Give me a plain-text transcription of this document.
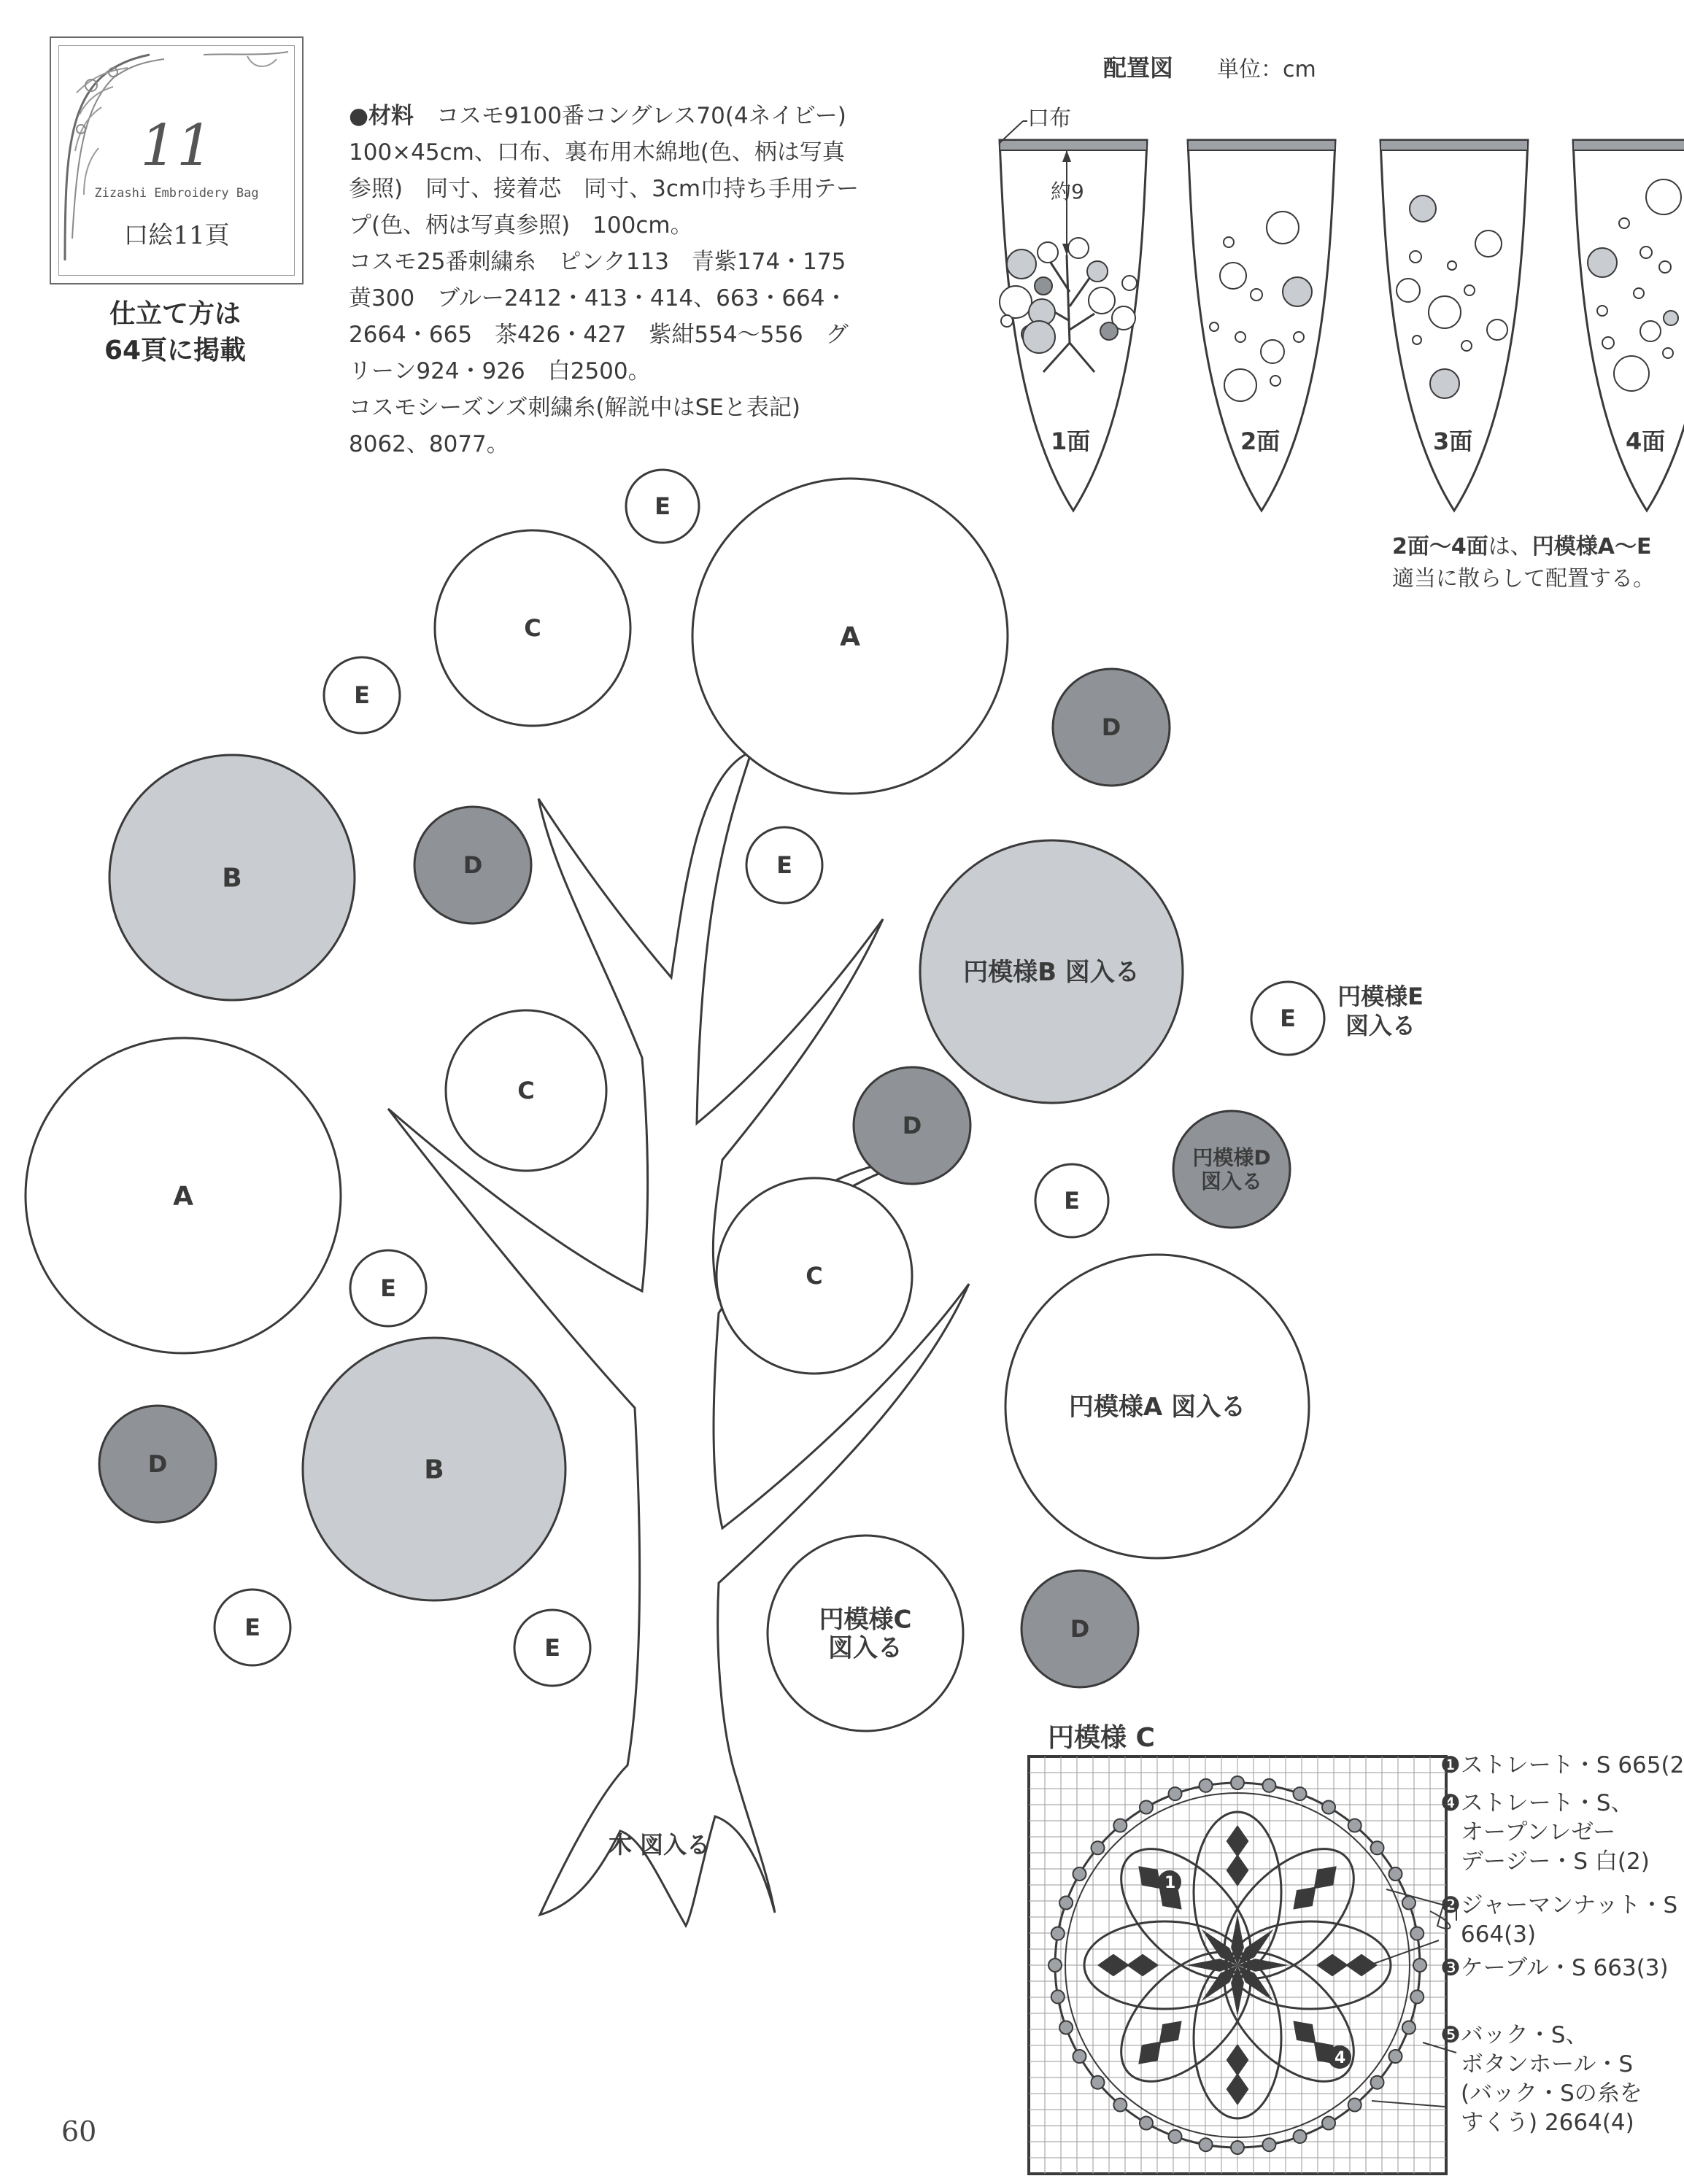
11
Zizashi Embroidery Bag
口絵11頁
仕立て方は
64頁に掲載
●材料　 コスモ9100番コングレス70(4ネイビー)
100×45cm、口布、裏布用木綿地(色、柄は写真
参照)　同寸、接着芯　同寸、3cm巾持ち手用テー
プ(色、柄は写真参照)　100cm。
コスモ25番刺繍糸　ピンク113　青紫174・175
黄300　ブルー2412・413・414、663・664・
2664・665　茶426・427　紫紺554〜556　グ
リーン924・926　白2500。
コスモシーズンズ刺繍糸(解説中はSEと表記)
8062、8077。
配置図 単位：cm
口布
約9
1面	2面	3面	4面
2面〜4面は、円模様A〜E
適当に散らして配置する。
木 図入る
E
C	A
E
D
B	D	E
円模様B 図入る
C
D
A	E
C
E
D	B
円模様A 図入る
E
E
円模様C
図入る
D
E
円模様D
図入る
円模様E
図入る
円模様 C
1
4
❶ストレート・S 665(2
❹ストレート・S、
オープンレゼー
デージー・S 白(2)
❷ジャーマンナット・S
664(3)
❸ケーブル・S 663(3)
❺バック・S、
ボタンホール・S
(バック・Sの糸を
すくう) 2664(4)
60
